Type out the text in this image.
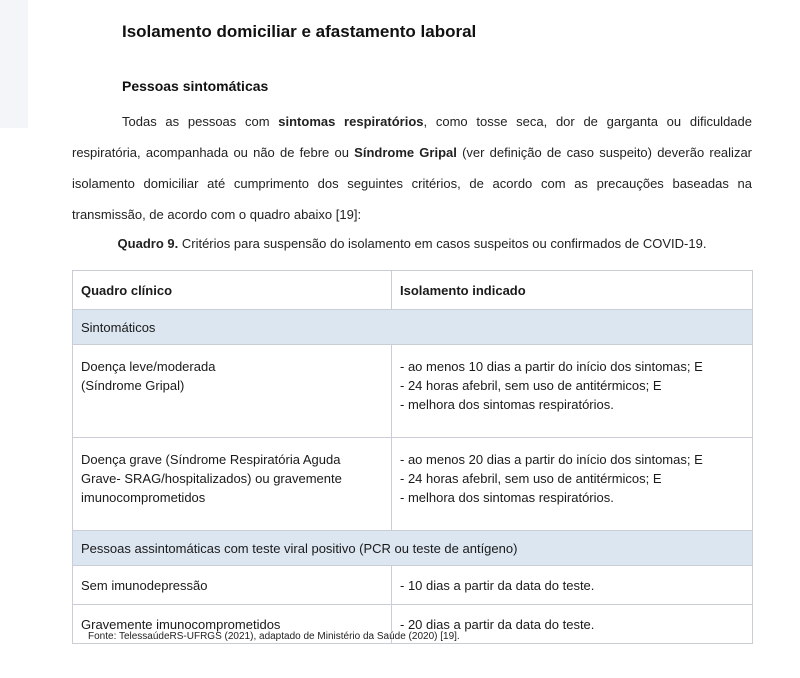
Isolamento domiciliar e afastamento laboral
Pessoas sintomáticas

Todas as pessoas com sintomas respiratórios, como tosse seca, dor de garganta ou dificuldade respiratória, acompanhada ou não de febre ou Síndrome Gripal (ver definição de caso suspeito) deverão realizar isolamento domiciliar até cumprimento dos seguintes critérios, de acordo com as precauções baseadas na transmissão, de acordo com o quadro abaixo [19]:

Quadro 9. Critérios para suspensão do isolamento em casos suspeitos ou confirmados de COVID-19.
Quadro clínico	Isolamento indicado
Sintomáticos	

Doença leve/moderada
(Síndrome Gripal)	- ao menos 10 dias a partir do início dos sintomas; E
- 24 horas afebril, sem uso de antitérmicos; E
- melhora dos sintomas respiratórios.

Doença grave (Síndrome Respiratória Aguda
Grave- SRAG/hospitalizados) ou gravemente
imunocomprometidos	- ao menos 20 dias a partir do início dos sintomas; E
- 24 horas afebril, sem uso de antitérmicos; E
- melhora dos sintomas respiratórios.

Pessoas assintomáticas com teste viral positivo (PCR ou teste de antígeno)	
Sem imunodepressão	- 10 dias a partir da data do teste.
Gravemente imunocomprometidos	- 20 dias a partir da data do teste.
Fonte: TelessaúdeRS-UFRGS (2021), adaptado de Ministério da Saúde (2020) [19].
